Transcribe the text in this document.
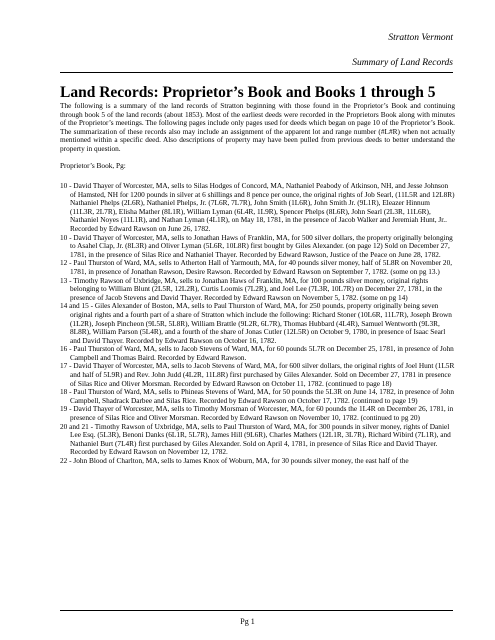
Stratton Vermont
Summary of Land Records
Land Records: Proprietor’s Book and Books 1 through 5

The following is a summary of the land records of Stratton beginning with those found in the Proprietor’s Book and continuing through book 5 of the land records (about 1853). Most of the earliest deeds were recorded in the Proprietors Book along with minutes of the Proprietor’s meetings. The following pages include only pages used for deeds which began on page 10 of the Proprietor’s Book. The summarization of these records also may include an assignment of the apparent lot and range number (#L#R) when not actually mentioned within a specific deed. Also descriptions of property may have been pulled from previous deeds to better understand the property in question.

Proprietor’s Book, Pg:

10 - David Thayer of Worcester, MA, sells to Silas Hodges of Concord, MA, Nathaniel Peabody of Atkinson, NH, and Jesse Johnson of Hamsted, NH for 1200 pounds in silver at 6 shillings and 8 pence per ounce, the original rights of Job Searl, (11L5R and 12L8R) Nathaniel Phelps (2L6R), Nathaniel Phelps, Jr. (7L6R, 7L7R), John Smith (1L6R), John Smith Jr. (9L1R), Eleazer Hinnum (11L3R, 2L7R), Elisha Mather (8L1R), William Lyman (6L4R, 1L9R), Spencer Phelps (8L6R), John Searl (2L3R, 11L6R), Nathaniel Noyes (11L1R), and Nathan Lyman (4L1R), on May 18, 1781, in the presence of Jacob Walker and Jeremiah Hunt, Jr.. Recorded by Edward Rawson on June 26, 1782.

10 - David Thayer of Worcester, MA, sells to Jonathan Haws of Franklin, MA, for 500 silver dollars, the property originally belonging to Asahel Clap, Jr. (8L3R) and Oliver Lyman (5L6R, 10L8R) first bought by Giles Alexander. (on page 12) Sold on December 27, 1781, in the presence of Silas Rice and Nathaniel Thayer. Recorded by Edward Rawson, Justice of the Peace on June 28, 1782.

12 - Paul Thurston of Ward, MA, sells to Atherton Hall of Yarmouth, MA, for 40 pounds silver money, half of 5L8R on November 20, 1781, in presence of Jonathan Rawson, Desire Rawson. Recorded by Edward Rawson on September 7, 1782. (some on pg 13.)

13 - Timothy Rawson of Uxbridge, MA, sells to Jonathan Haws of Franklin, MA, for 100 pounds silver money, original rights belonging to William Blunt (2L5R, 12L2R), Curtis Loomis (7L2R), and Joel Lee (7L3R, 10L7R) on December 27, 1781, in the presence of Jacob Stevens and David Thayer. Recorded by Edward Rawson on November 5, 1782. (some on pg 14)

14 and 15 - Giles Alexander of Boston, MA, sells to Paul Thurston of Ward, MA, for 250 pounds, property originally being seven original rights and a fourth part of a share of Stratton which include the following: Richard Stoner (10L6R, 11L7R), Joseph Brown (1L2R), Joseph Pincheon (9L5R, 5L8R), William Brattle (9L2R, 6L7R), Thomas Hubbard (4L4R), Samuel Wentworth (9L3R, 8L8R), William Parson (5L4R), and a fourth of the share of Jonas Cutler (12L5R) on October 9, 1780, in presence of Isaac Searl and David Thayer. Recorded by Edward Rawson on October 16, 1782.

16 - Paul Thurston of Ward, MA, sells to Jacob Stevens of Ward, MA, for 60 pounds 5L7R on December 25, 1781, in presence of John Campbell and Thomas Baird. Recorded by Edward Rawson.

17 - David Thayer of Worcester, MA, sells to Jacob Stevens of Ward, MA, for 600 silver dollars, the original rights of Joel Hunt (1L5R and half of 5L9R) and Rev. John Judd (4L2R, 11L8R) first purchased by Giles Alexander. Sold on December 27, 1781 in presence of Silas Rice and Oliver Morsman. Recorded by Edward Rawson on October 11, 1782. (continued to page 18)

18 - Paul Thurston of Ward, MA, sells to Phineas Stevens of Ward, MA, for 50 pounds the 5L3R on June 14, 1782, in presence of John Campbell, Shadrack Darbee and Silas Rice. Recorded by Edward Rawson on October 17, 1782. (continued to page 19)

19 - David Thayer of Worcester, MA, sells to Timothy Morsman of Worcester, MA, for 60 pounds the 1L4R on December 26, 1781, in presence of Silas Rice and Oliver Morsman. Recorded by Edward Rawson on November 10, 1782. (continued to pg 20)

20 and 21 - Timothy Rawson of Uxbridge, MA, sells to Paul Thurston of Ward, MA, for 300 pounds in silver money, rights of Daniel Lee Esq. (5L3R), Benoni Danks (6L1R, 5L7R), James Hill (9L6R), Charles Mathers (12L1R, 3L7R), Richard Wibird (7L1R), and Nathaniel Burt (7L4R) first purchased by Giles Alexander. Sold on April 4, 1781, in presence of Silas Rice and David Thayer. Recorded by Edward Rawson on November 12, 1782.

22 - John Blood of Charlton, MA, sells to James Knox of Woburn, MA, for 30 pounds silver money, the east half of the

Pg 1
